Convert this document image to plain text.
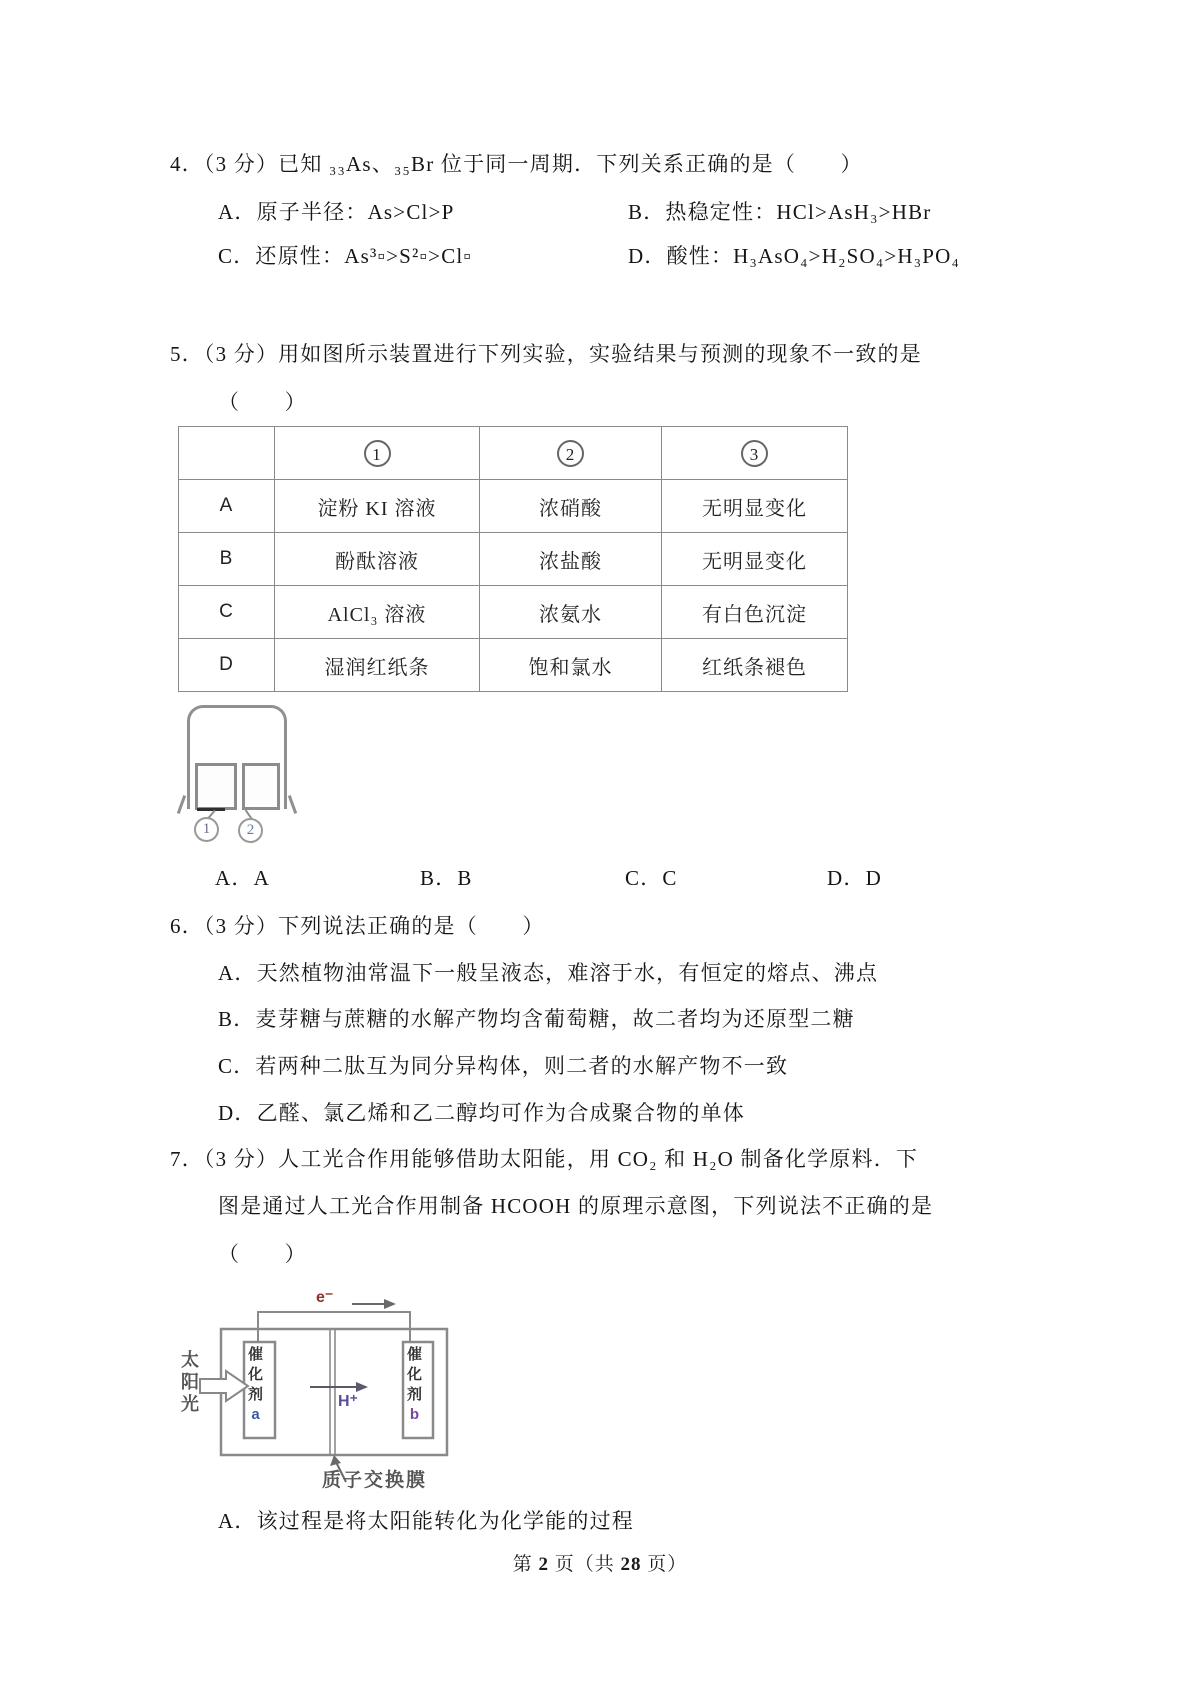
4．（3 分）已知 ₃₃As、₃₅Br 位于同一周期．下列关系正确的是（　　）
A．原子半径：As>Cl>P	B．热稳定性：HCl>AsH₃>HBr
C．还原性：As³▫>S²▫>Cl▫	D．酸性：H₃AsO₄>H₂SO₄>H₃PO₄
5．（3 分）用如图所示装置进行下列实验，实验结果与预测的现象不一致的是
（　　）
	1	2	3
A	淀粉 KI 溶液	浓硝酸	无明显变化
B	酚酞溶液	浓盐酸	无明显变化
C	AlCl₃ 溶液	浓氨水	有白色沉淀
D	湿润红纸条	饱和氯水	红纸条褪色
1	2
A．A	B．B	C．C	D．D
6．（3 分）下列说法正确的是（　　）
A．天然植物油常温下一般呈液态，难溶于水，有恒定的熔点、沸点
B．麦芽糖与蔗糖的水解产物均含葡萄糖，故二者均为还原型二糖
C．若两种二肽互为同分异构体，则二者的水解产物不一致
D．乙醛、氯乙烯和乙二醇均可作为合成聚合物的单体
7．（3 分）人工光合作用能够借助太阳能，用 CO₂ 和 H₂O 制备化学原料．下
图是通过人工光合作用制备 HCOOH 的原理示意图，下列说法不正确的是
（　　）
e⁻
H⁺
太阳光
催化剂a
催化剂b
质子交换膜
A．该过程是将太阳能转化为化学能的过程
第 2 页（共 28 页）
